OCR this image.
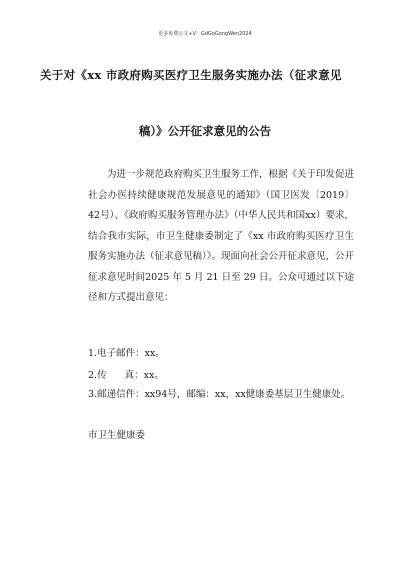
更多免费公文+V：GdGoGongWen2024
关于对《xx 市政府购买医疗卫生服务实施办法（征求意见
稿）》公开征求意见的公告
为进一步规范政府购买卫生服务工作，根据《关于印发促进社会办医持续健康规范发展意见的通知》（国卫医发〔2019〕42号）、《政府购买服务管理办法》（中华人民共和国xx）要求，结合我市实际，市卫生健康委制定了《xx 市政府购买医疗卫生服务实施办法（征求意见稿）》。现面向社会公开征求意见，公开征求意见时间2025 年 5 月 21 日至 29 日。公众可通过以下途径和方式提出意见：
1.电子邮件：xx。
2.传      真：xx。
3.邮递信件：xx94号，邮编：xx，xx健康委基层卫生健康处。
市卫生健康委
